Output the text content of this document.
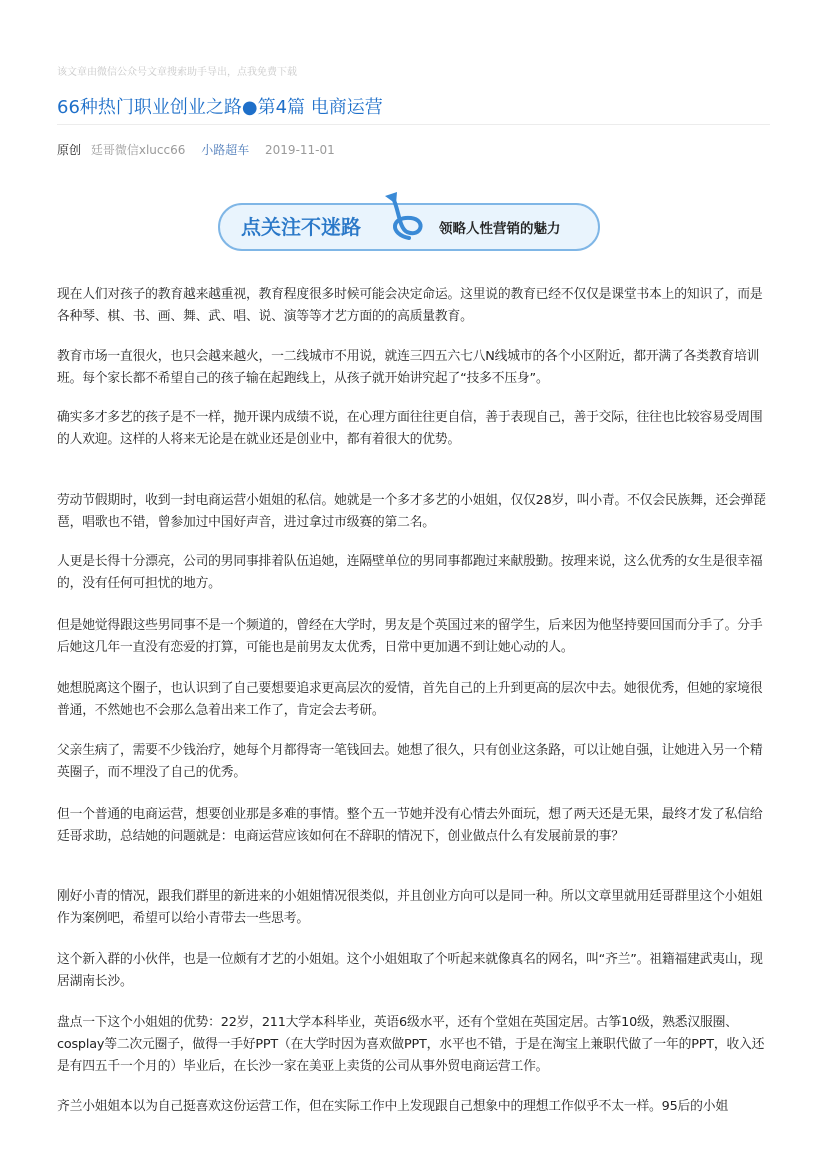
该文章由微信公众号文章搜索助手导出，点我免费下载
66种热门职业创业之路●第4篇 电商运营
原创 廷哥微信xlucc66 小路超车 2019-11-01
点关注不迷路	领略人性营销的魅力

现在人们对孩子的教育越来越重视，教育程度很多时候可能会决定命运。这里说的教育已经不仅仅是课堂书本上的知识了，而是各种琴、棋、书、画、舞、武、唱、说、演等等才艺方面的的高质量教育。

教育市场一直很火，也只会越来越火，一二线城市不用说，就连三四五六七八N线城市的各个小区附近，都开满了各类教育培训班。每个家长都不希望自己的孩子输在起跑线上，从孩子就开始讲究起了“技多不压身”。

确实多才多艺的孩子是不一样，抛开课内成绩不说，在心理方面往往更自信，善于表现自己，善于交际，往往也比较容易受周围的人欢迎。这样的人将来无论是在就业还是创业中，都有着很大的优势。

劳动节假期时，收到一封电商运营小姐姐的私信。她就是一个多才多艺的小姐姐，仅仅28岁，叫小青。不仅会民族舞，还会弹琵琶，唱歌也不错，曾参加过中国好声音，进过拿过市级赛的第二名。

人更是长得十分漂亮，公司的男同事排着队伍追她，连隔壁单位的男同事都跑过来献殷勤。按理来说，这么优秀的女生是很幸福的，没有任何可担忧的地方。

但是她觉得跟这些男同事不是一个频道的，曾经在大学时，男友是个英国过来的留学生，后来因为他坚持要回国而分手了。分手后她这几年一直没有恋爱的打算，可能也是前男友太优秀，日常中更加遇不到让她心动的人。

她想脱离这个圈子，也认识到了自己要想要追求更高层次的爱情，首先自己的上升到更高的层次中去。她很优秀，但她的家境很普通，不然她也不会那么急着出来工作了，肯定会去考研。

父亲生病了，需要不少钱治疗，她每个月都得寄一笔钱回去。她想了很久，只有创业这条路，可以让她自强，让她进入另一个精英圈子，而不埋没了自己的优秀。

但一个普通的电商运营，想要创业那是多难的事情。整个五一节她并没有心情去外面玩，想了两天还是无果，最终才发了私信给廷哥求助，总结她的问题就是：电商运营应该如何在不辞职的情况下，创业做点什么有发展前景的事？

刚好小青的情况，跟我们群里的新进来的小姐姐情况很类似，并且创业方向可以是同一种。所以文章里就用廷哥群里这个小姐姐作为案例吧，希望可以给小青带去一些思考。

这个新入群的小伙伴，也是一位颇有才艺的小姐姐。这个小姐姐取了个听起来就像真名的网名，叫“齐兰”。祖籍福建武夷山，现居湖南长沙。

盘点一下这个小姐姐的优势：22岁，211大学本科毕业，英语6级水平，还有个堂姐在英国定居。古筝10级，熟悉汉服圈、cosplay等二次元圈子，做得一手好PPT（在大学时因为喜欢做PPT，水平也不错，于是在淘宝上兼职代做了一年的PPT，收入还是有四五千一个月的）毕业后，在长沙一家在美亚上卖货的公司从事外贸电商运营工作。

齐兰小姐姐本以为自己挺喜欢这份运营工作，但在实际工作中上发现跟自己想象中的理想工作似乎不太一样。95后的小姐
